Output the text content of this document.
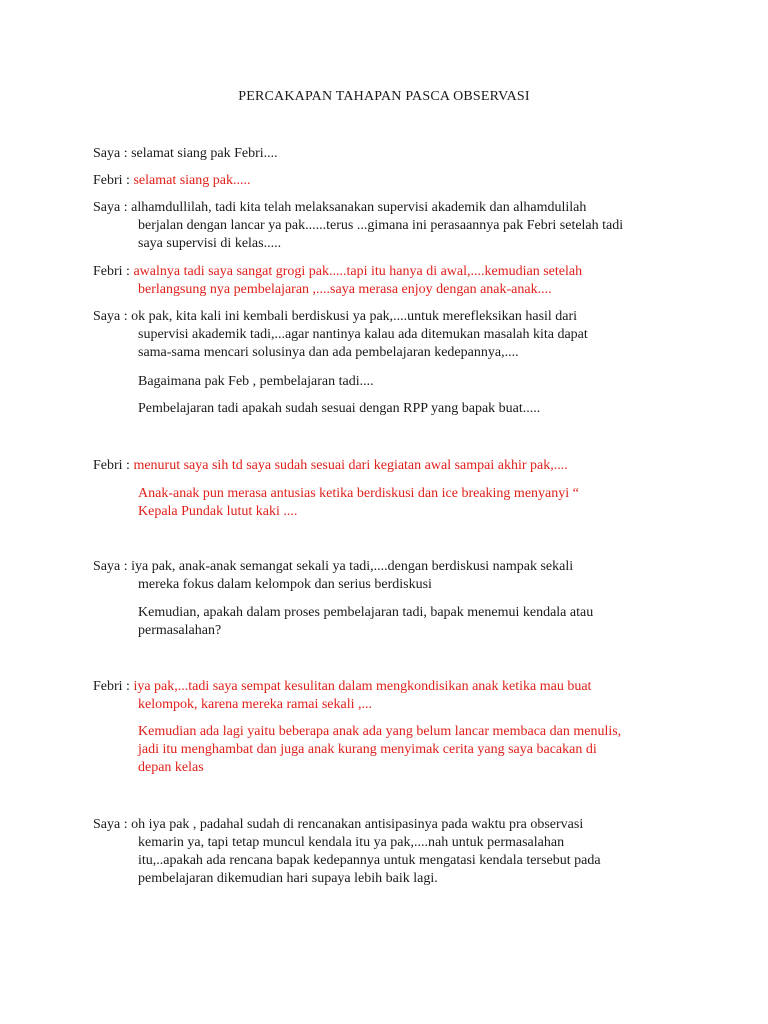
PERCAKAPAN TAHAPAN PASCA OBSERVASI
Saya : selamat siang pak Febri....
Febri : selamat siang pak.....
Saya : alhamdullilah, tadi kita telah melaksanakan supervisi akademik dan alhamdulilah
berjalan dengan lancar ya pak......terus ...gimana ini perasaannya pak Febri setelah tadi
saya supervisi di kelas.....
Febri : awalnya tadi saya sangat grogi pak.....tapi itu hanya di awal,....kemudian setelah
berlangsung nya pembelajaran ,....saya merasa enjoy dengan anak-anak....
Saya : ok pak, kita kali ini kembali berdiskusi ya pak,....untuk merefleksikan hasil dari
supervisi akademik tadi,...agar nantinya kalau ada ditemukan masalah kita dapat
sama-sama mencari solusinya dan ada pembelajaran kedepannya,....
Bagaimana pak Feb , pembelajaran tadi....
Pembelajaran tadi apakah sudah sesuai dengan RPP yang bapak buat.....
Febri : menurut saya sih td saya sudah sesuai dari kegiatan awal sampai akhir pak,....
Anak-anak pun merasa antusias ketika berdiskusi dan ice breaking menyanyi “
Kepala Pundak lutut kaki ....
Saya : iya pak, anak-anak semangat sekali ya tadi,....dengan berdiskusi nampak sekali
mereka fokus dalam kelompok dan serius berdiskusi
Kemudian, apakah dalam proses pembelajaran tadi, bapak menemui kendala atau
permasalahan?
Febri : iya pak,...tadi saya sempat kesulitan dalam mengkondisikan anak ketika mau buat
kelompok, karena mereka ramai sekali ,...
Kemudian ada lagi yaitu beberapa anak ada yang belum lancar membaca dan menulis,
jadi itu menghambat dan juga anak kurang menyimak cerita yang saya bacakan di
depan kelas
Saya : oh iya pak , padahal sudah di rencanakan antisipasinya pada waktu pra observasi
kemarin ya, tapi tetap muncul kendala itu ya pak,....nah untuk permasalahan
itu,..apakah ada rencana bapak kedepannya untuk mengatasi kendala tersebut pada
pembelajaran dikemudian hari supaya lebih baik lagi.
